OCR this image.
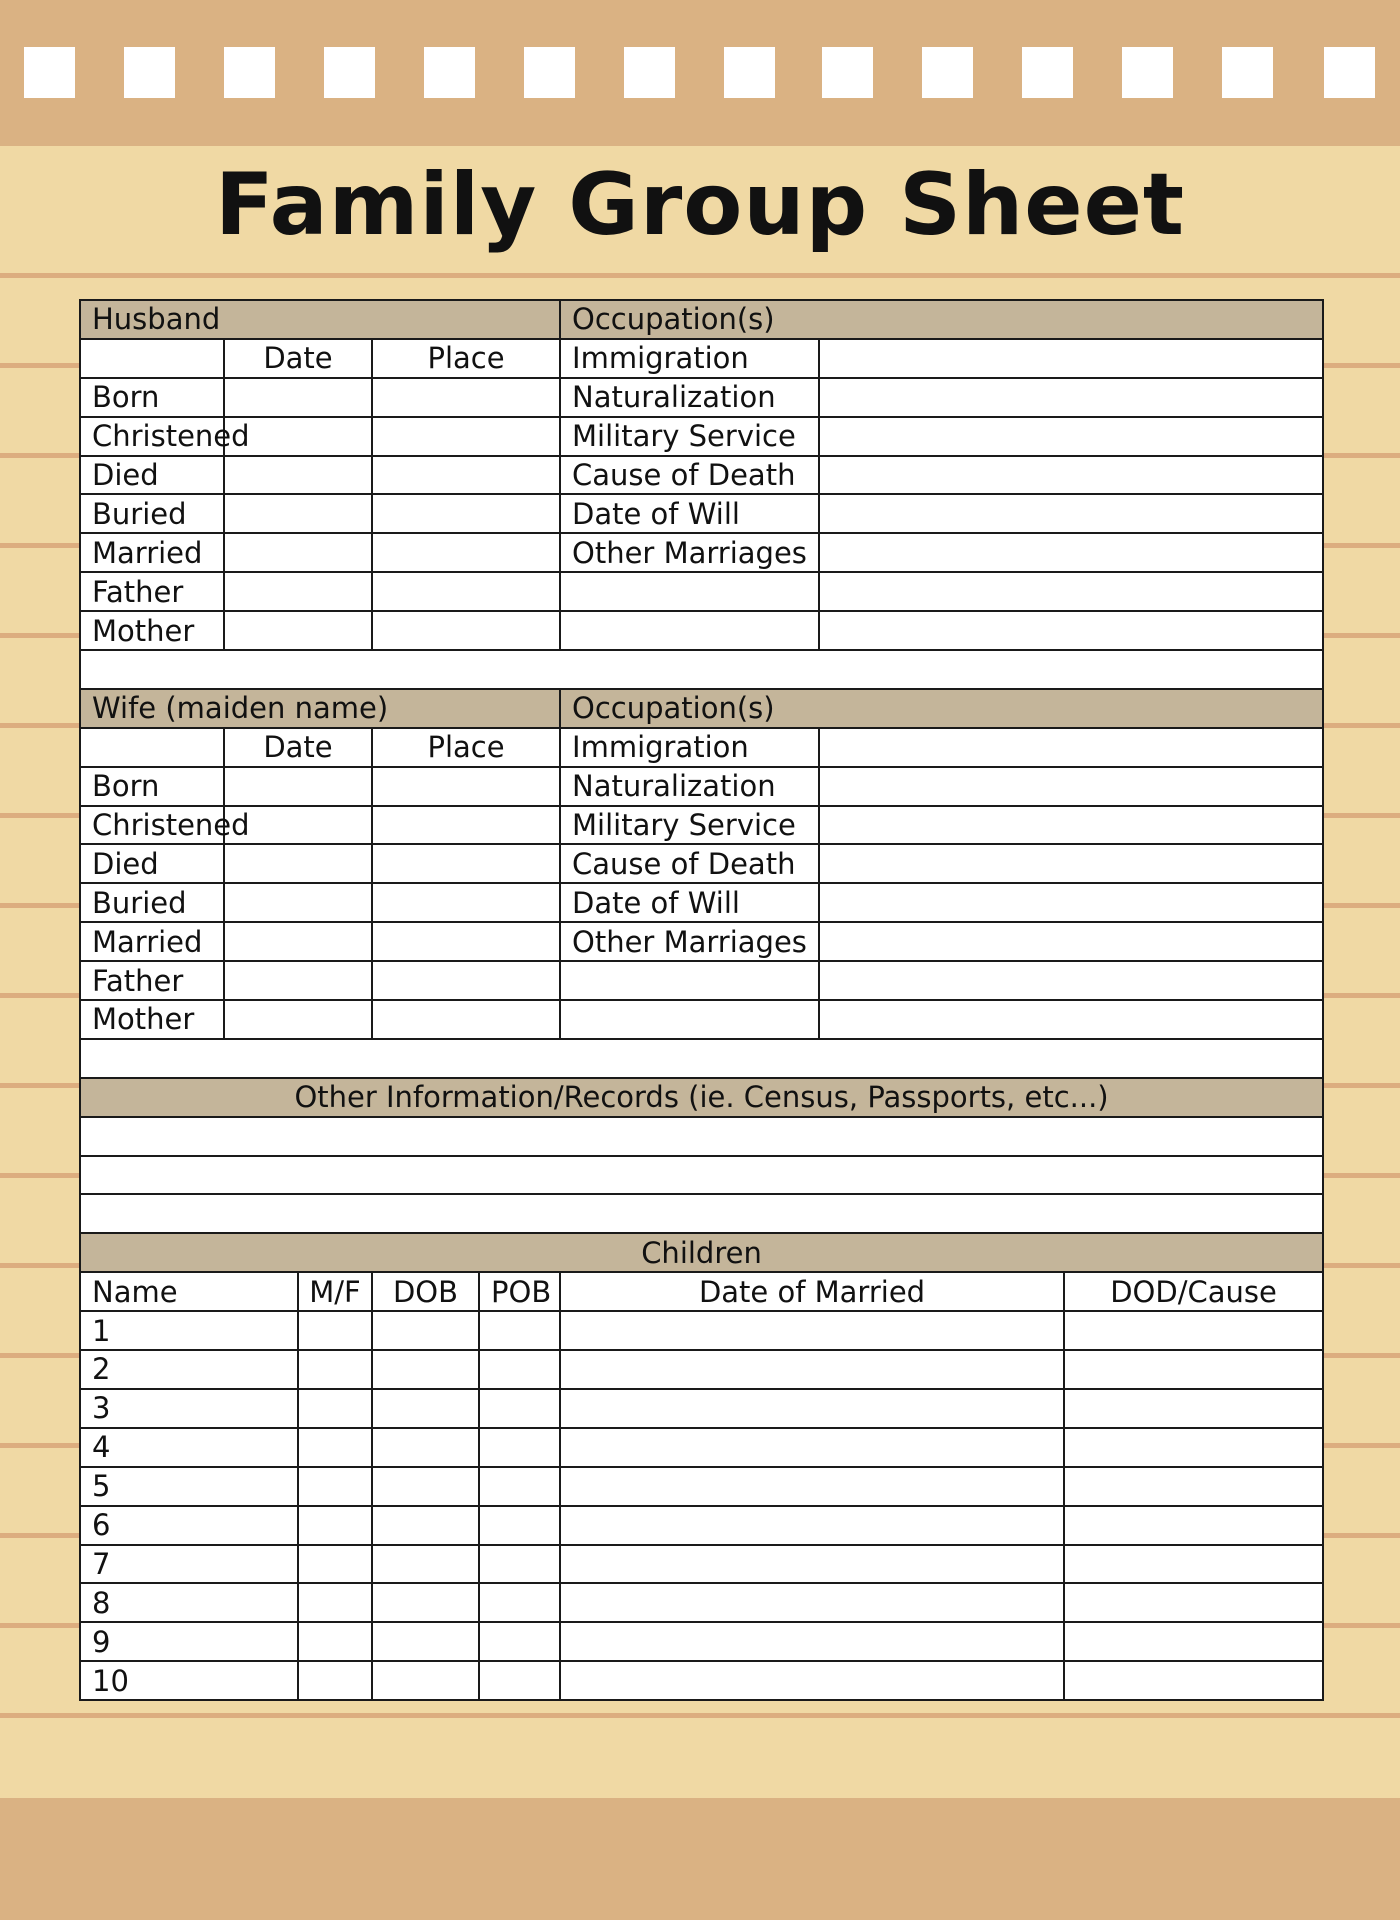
Family Group Sheet
Husband					Occupation(s)		
	Date		Place		Immigration		
Born					Naturalization		
Christened					Military Service		
Died					Cause of Death		
Buried					Date of Will		
Married					Other Marriages		
Father							
Mother							

Wife (maiden name)					Occupation(s)		
	Date		Place		Immigration		
Born					Naturalization		
Christened					Military Service		
Died					Cause of Death		
Buried					Date of Will		
Married					Other Marriages		
Father							
Mother							

Other Information/Records (ie. Census, Passports, etc...)							

Children							
Name		M/F	DOB	POB	Date of Married		DOD/Cause
1							
2							
3							
4							
5							
6							
7							
8							
9							
10							
